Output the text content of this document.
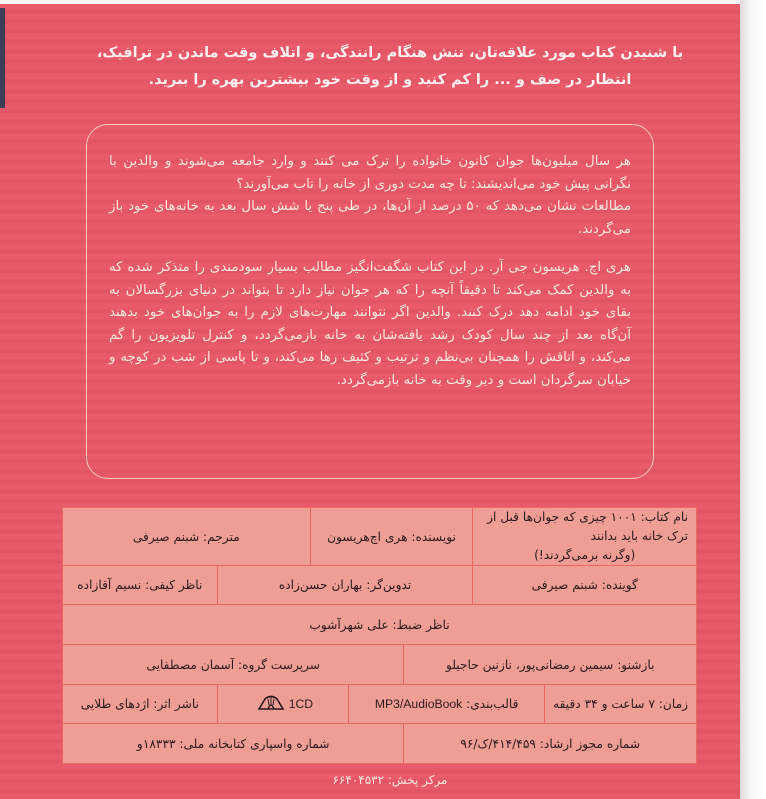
با شنیدن کتاب مورد علاقه‌تان، تنش هنگام رانندگی، و اتلاف وقت ماندن در ترافیک،
انتظار در صف و ... را کم کنید و از وقت خود بیشترین بهره را ببرید.
هر سال میلیون‌ها جوان کانون خانواده را ترک می کنند و وارد جامعه می‌شوند و والدین با نگرانی پیش خود می‌اندیشند: تا چه مدت دوری از خانه را تاب می‌آورند؟

مطالعات نشان می‌دهد که ۵۰ درصد از آن‌ها، در طی پنج یا شش سال بعد به خانه‌های خود باز می‌گردند.

هری اچ. هریسون جی آر. در این کتاب شگفت‌انگیز مطالب بسیار سودمندی را متذکر شده که به والدین کمک می‌کند تا دقیقاً آنچه را که هر جوان نیاز دارد تا بتواند در دنیای بزرگسالان به بقای خود ادامه دهد درک کنند. والدین اگر نتوانند مهارت‌های لازم را به جوان‌های خود بدهند آن‌گاه بعد از چند سال کودک رشد یافته‌شان به خانه بازمی‌گردد، و کنترل تلویزیون را گم می‌کند، و اتاقش را همچنان بی‌نظم و ترتیب و کثیف رها می‌کند، و تا پاسی از شب در کوچه و خیابان سرگردان است و دیر وقت به خانه بازمی‌گردد.

نام کتاب: ۱۰۰۱ چیزی که جوان‌ها قبل از ترک خانه باید بدانند
(وگرنه برمی‌گردند!)		نویسنده: هری اچ‌هریسون			مترجم: شبنم صیرفی	
گوینده: شبنم صیرفی		تدوین‌گر: بهاران حسن‌زاده				ناظر کیفی: نسیم آقازاده
ناظر ضبط: علی شهرآشوب						
بازشنو: سیمین رمضانی‌پور، نازنین حاجیلو			سرپرست گروه: آسمان مصطفایی			
زمان: ۷ ساعت و ۳۴ دقیقه	قالب‌بندی: MP3/AudioBook			1CD		ناشر اثر: اژدهای طلایی
شماره مجوز ارشاد: ۴۱۴/۴۵۹/ک/۹۶			شماره واسپاری کتابخانه ملی: ۱۸۳۳۳و			
مرکز پخش: ۶۶۴۰۴۵۳۲
